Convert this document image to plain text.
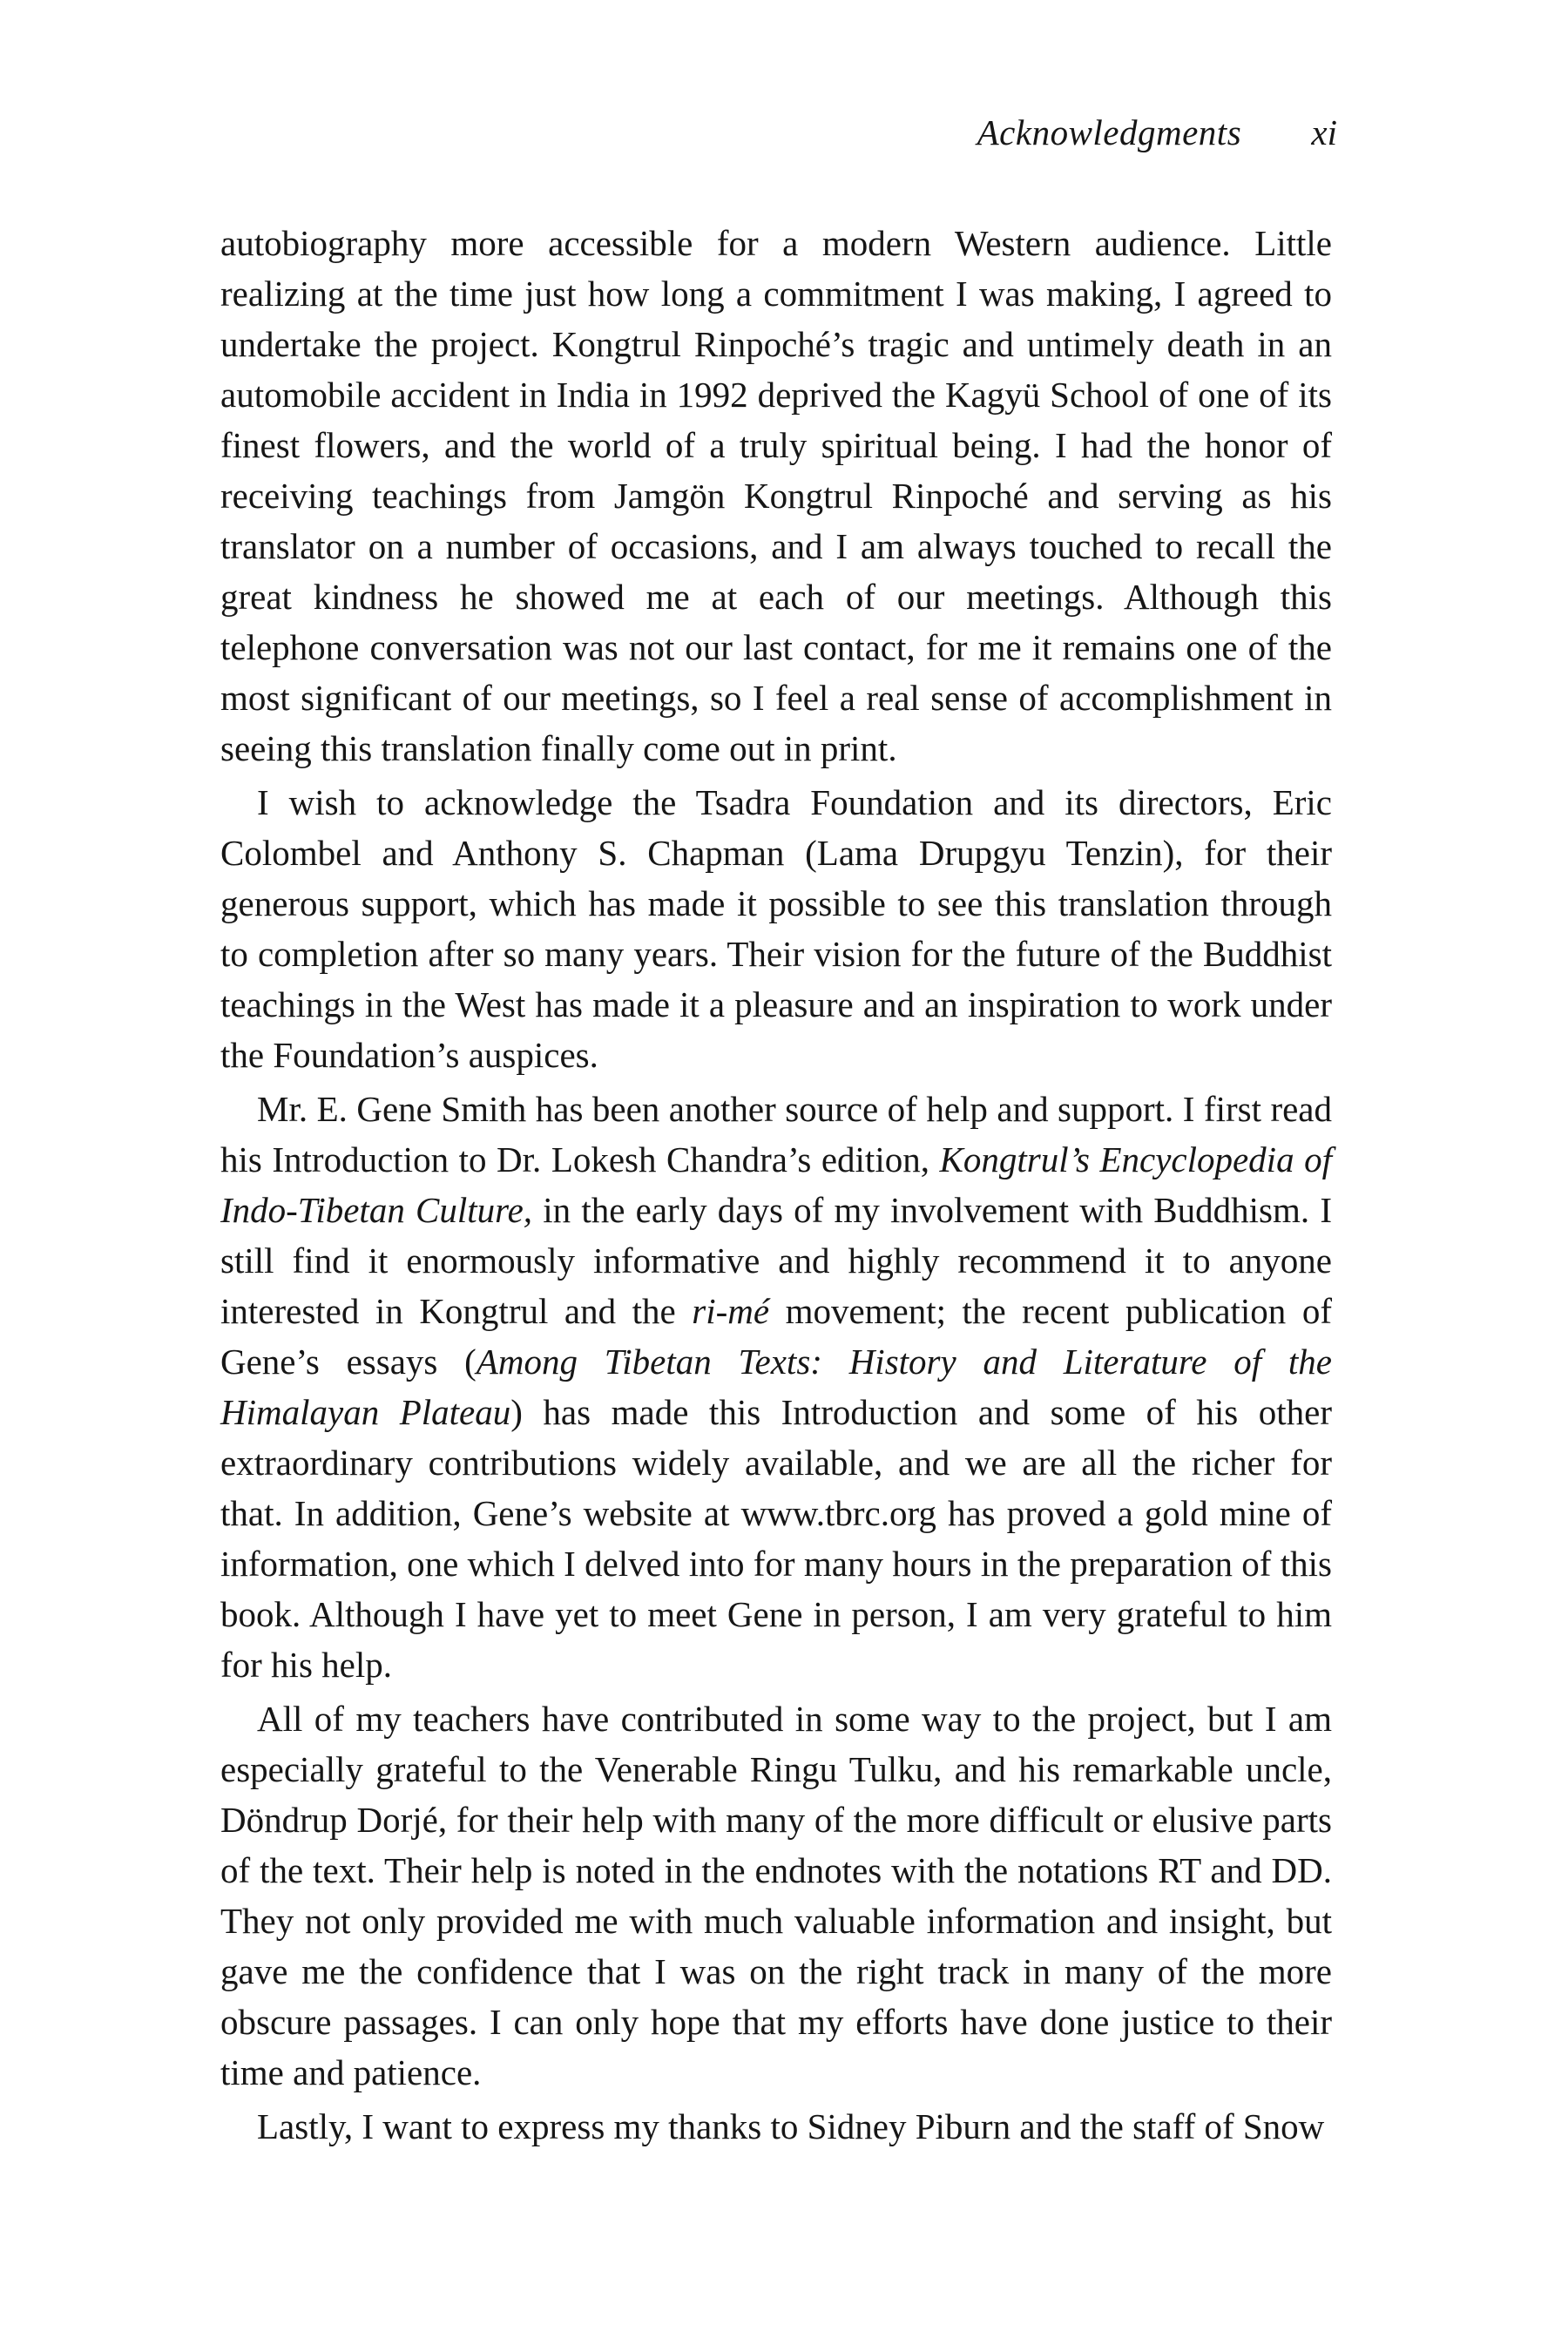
Acknowledgments xi

autobiography more accessible for a modern Western audience. Little realizing at the time just how long a commitment I was making, I agreed to undertake the project. Kongtrul Rinpoché’s tragic and untimely death in an automobile accident in India in 1992 deprived the Kagyü School of one of its finest flowers, and the world of a truly spiritual being. I had the honor of receiving teachings from Jamgön Kongtrul Rinpoché and serving as his translator on a number of occasions, and I am always touched to recall the great kindness he showed me at each of our meetings. Although this telephone conversation was not our last contact, for me it remains one of the most significant of our meetings, so I feel a real sense of accomplishment in seeing this translation finally come out in print.

I wish to acknowledge the Tsadra Foundation and its directors, Eric Colombel and Anthony S. Chapman (Lama Drupgyu Tenzin), for their generous support, which has made it possible to see this translation through to completion after so many years. Their vision for the future of the Buddhist teachings in the West has made it a pleasure and an inspiration to work under the Foundation’s auspices.

Mr. E. Gene Smith has been another source of help and support. I first read his Introduction to Dr. Lokesh Chandra’s edition, Kongtrul’s Encyclopedia of Indo-Tibetan Culture, in the early days of my involvement with Buddhism. I still find it enormously informative and highly recommend it to anyone interested in Kongtrul and the ri-mé movement; the recent publication of Gene’s essays (Among Tibetan Texts: History and Literature of the Himalayan Plateau) has made this Introduction and some of his other extraordinary contributions widely available, and we are all the richer for that. In addition, Gene’s website at www.tbrc.org has proved a gold mine of information, one which I delved into for many hours in the preparation of this book. Although I have yet to meet Gene in person, I am very grateful to him for his help.

All of my teachers have contributed in some way to the project, but I am especially grateful to the Venerable Ringu Tulku, and his remarkable uncle, Döndrup Dorjé, for their help with many of the more difficult or elusive parts of the text. Their help is noted in the endnotes with the notations RT and DD. They not only provided me with much valuable information and insight, but gave me the confidence that I was on the right track in many of the more obscure passages. I can only hope that my efforts have done justice to their time and patience.

Lastly, I want to express my thanks to Sidney Piburn and the staff of Snow
